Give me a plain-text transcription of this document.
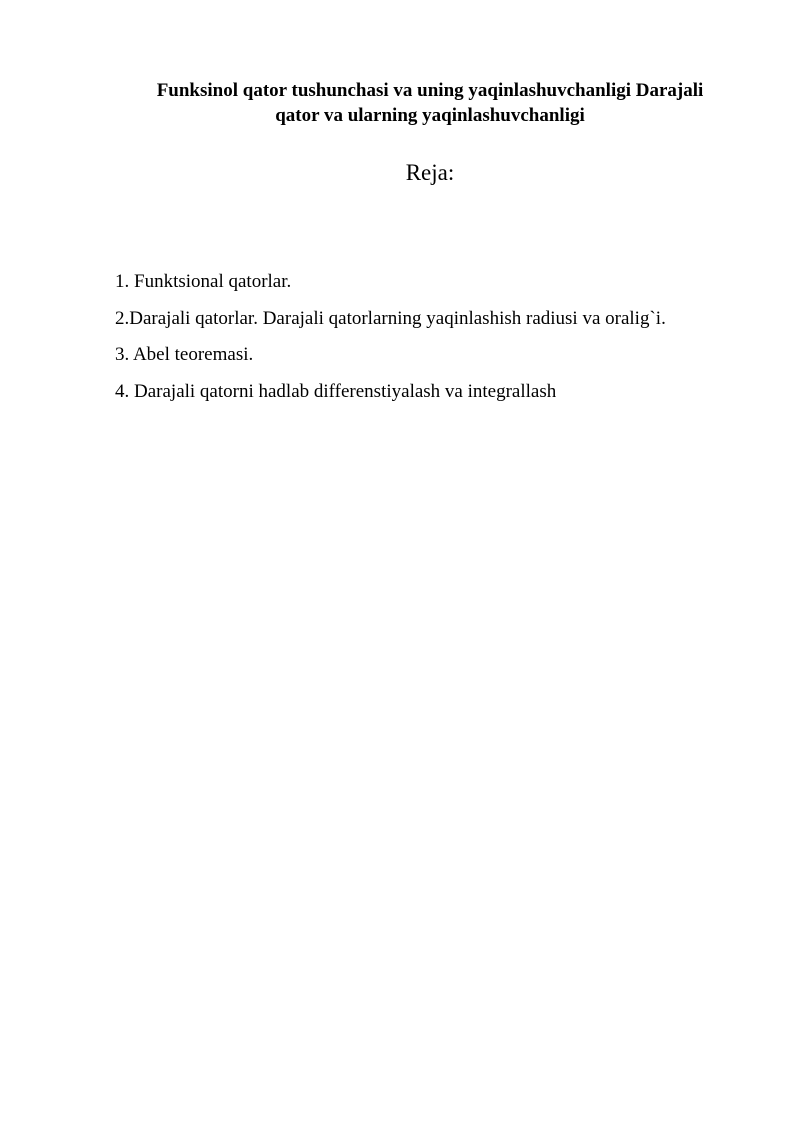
Funksinol qator tushunchasi va uning yaqinlashuvchanligi Darajali
qator va ularning yaqinlashuvchanligi
Reja:
1. Funktsional qatorlar.
2.Darajali qatorlar. Darajali qatorlarning yaqinlashish radiusi va oralig`i.
3. Abel teoremasi.
4. Darajali qatorni hadlab differenstiyalash va integrallash
